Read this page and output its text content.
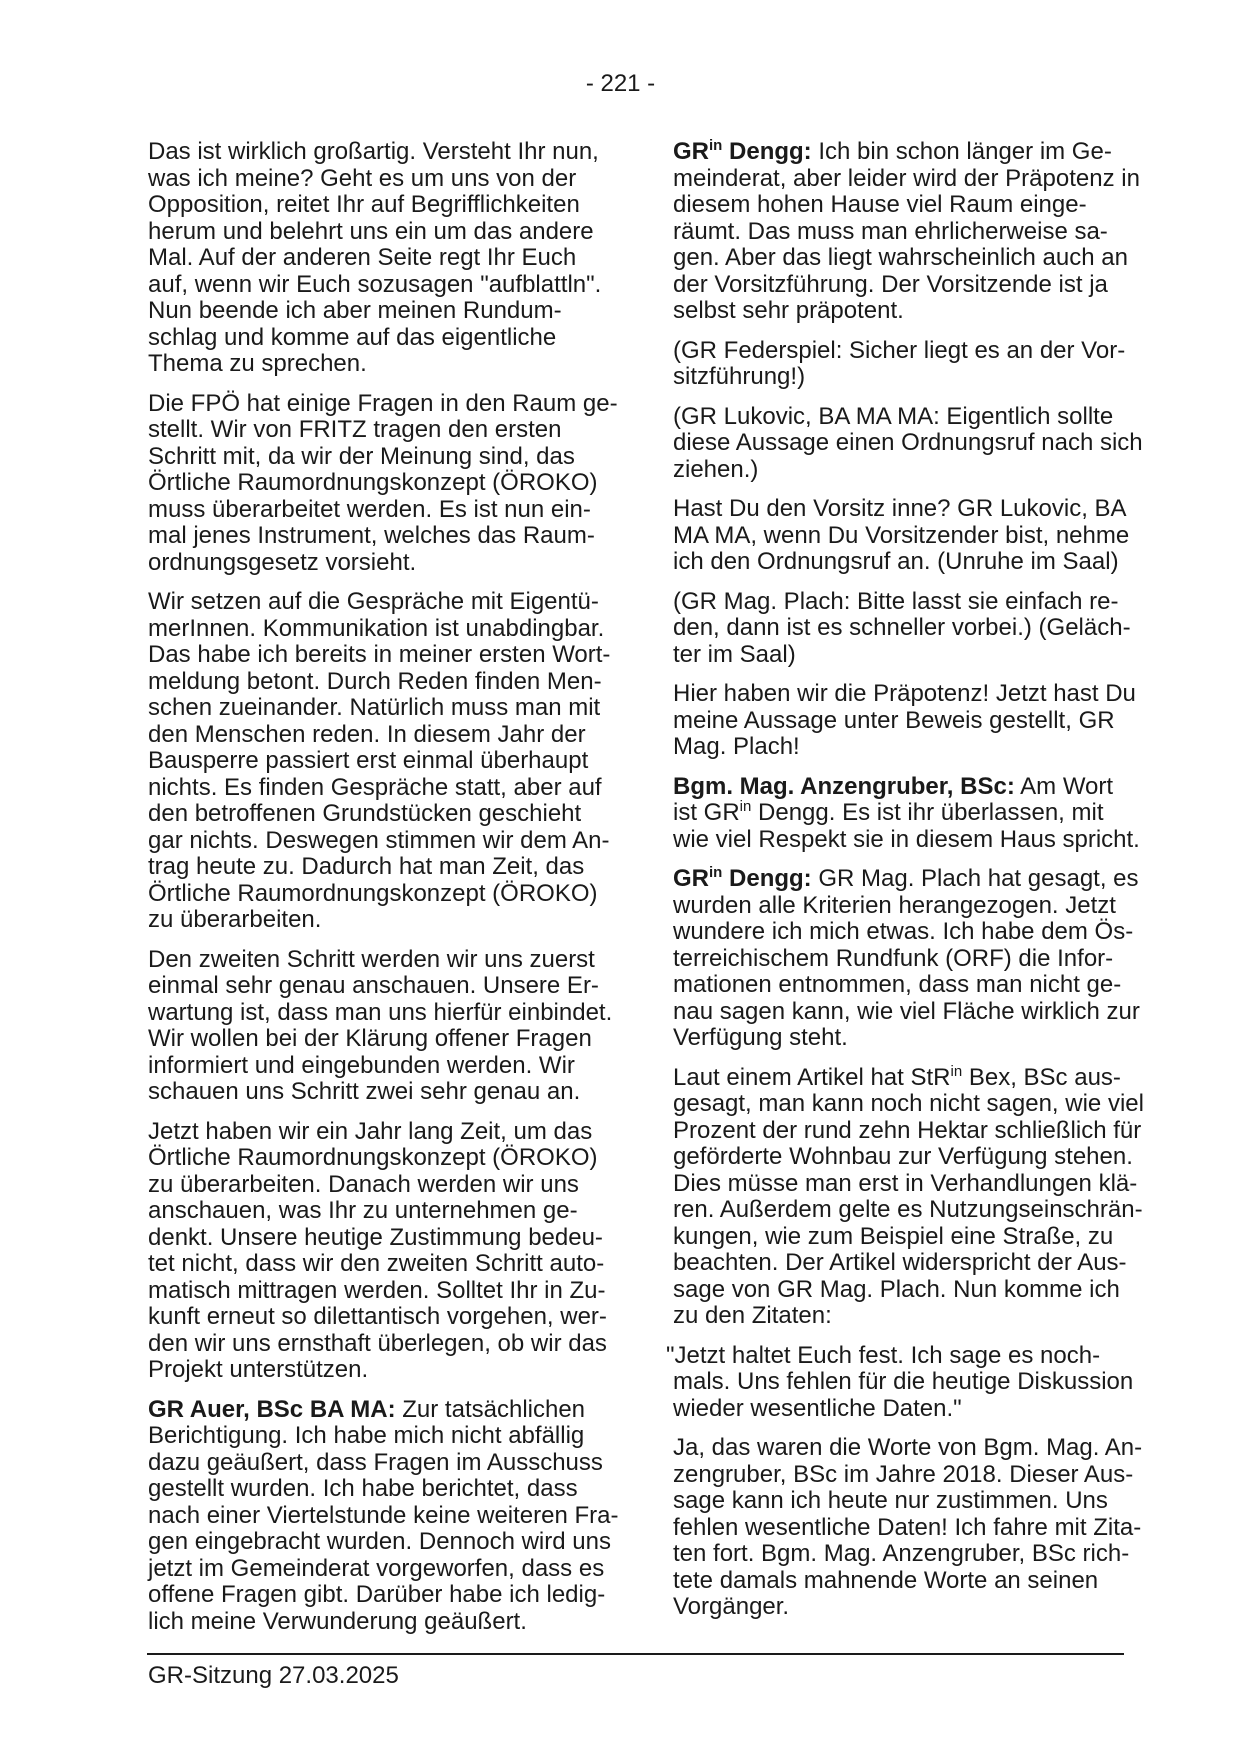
- 221 -

Das ist wirklich großartig. Versteht Ihr nun,
was ich meine? Geht es um uns von der
Opposition, reitet Ihr auf Begrifflichkeiten
herum und belehrt uns ein um das andere
Mal. Auf der anderen Seite regt Ihr Euch
auf, wenn wir Euch sozusagen "aufblattln".
Nun beende ich aber meinen Rundum-
schlag und komme auf das eigentliche
Thema zu sprechen.

Die FPÖ hat einige Fragen in den Raum ge-
stellt. Wir von FRITZ tragen den ersten
Schritt mit, da wir der Meinung sind, das
Örtliche Raumordnungskonzept (ÖROKO)
muss überarbeitet werden. Es ist nun ein-
mal jenes Instrument, welches das Raum-
ordnungsgesetz vorsieht.

Wir setzen auf die Gespräche mit Eigentü-
merInnen. Kommunikation ist unabdingbar.
Das habe ich bereits in meiner ersten Wort-
meldung betont. Durch Reden finden Men-
schen zueinander. Natürlich muss man mit
den Menschen reden. In diesem Jahr der
Bausperre passiert erst einmal überhaupt
nichts. Es finden Gespräche statt, aber auf
den betroffenen Grundstücken geschieht
gar nichts. Deswegen stimmen wir dem An-
trag heute zu. Dadurch hat man Zeit, das
Örtliche Raumordnungskonzept (ÖROKO)
zu überarbeiten.

Den zweiten Schritt werden wir uns zuerst
einmal sehr genau anschauen. Unsere Er-
wartung ist, dass man uns hierfür einbindet.
Wir wollen bei der Klärung offener Fragen
informiert und eingebunden werden. Wir
schauen uns Schritt zwei sehr genau an.

Jetzt haben wir ein Jahr lang Zeit, um das
Örtliche Raumordnungskonzept (ÖROKO)
zu überarbeiten. Danach werden wir uns
anschauen, was Ihr zu unternehmen ge-
denkt. Unsere heutige Zustimmung bedeu-
tet nicht, dass wir den zweiten Schritt auto-
matisch mittragen werden. Solltet Ihr in Zu-
kunft erneut so dilettantisch vorgehen, wer-
den wir uns ernsthaft überlegen, ob wir das
Projekt unterstützen.

GR Auer, BSc BA MA: Zur tatsächlichen
Berichtigung. Ich habe mich nicht abfällig
dazu geäußert, dass Fragen im Ausschuss
gestellt wurden. Ich habe berichtet, dass
nach einer Viertelstunde keine weiteren Fra-
gen eingebracht wurden. Dennoch wird uns
jetzt im Gemeinderat vorgeworfen, dass es
offene Fragen gibt. Darüber habe ich ledig-
lich meine Verwunderung geäußert.

$GR^{in}$ Dengg: Ich bin schon länger im Ge-
meinderat, aber leider wird der Präpotenz in
diesem hohen Hause viel Raum einge-
räumt. Das muss man ehrlicherweise sa-
gen. Aber das liegt wahrscheinlich auch an
der Vorsitzführung. Der Vorsitzende ist ja
selbst sehr präpotent.

(GR Federspiel: Sicher liegt es an der Vor-
sitzführung!)

(GR Lukovic, BA MA MA: Eigentlich sollte
diese Aussage einen Ordnungsruf nach sich
ziehen.)

Hast Du den Vorsitz inne? GR Lukovic, BA
MA MA, wenn Du Vorsitzender bist, nehme
ich den Ordnungsruf an. (Unruhe im Saal)

(GR Mag. Plach: Bitte lasst sie einfach re-
den, dann ist es schneller vorbei.) (Geläch-
ter im Saal)

Hier haben wir die Präpotenz! Jetzt hast Du
meine Aussage unter Beweis gestellt, GR
Mag. Plach!

Bgm. Mag. Anzengruber, BSc: Am Wort
ist $GR^{in}$ Dengg. Es ist ihr überlassen, mit
wie viel Respekt sie in diesem Haus spricht.

$GR^{in}$ Dengg: GR Mag. Plach hat gesagt, es
wurden alle Kriterien herangezogen. Jetzt
wundere ich mich etwas. Ich habe dem Ös-
terreichischem Rundfunk (ORF) die Infor-
mationen entnommen, dass man nicht ge-
nau sagen kann, wie viel Fläche wirklich zur
Verfügung steht.

Laut einem Artikel hat StR$^{in}$ Bex, BSc aus-
gesagt, man kann noch nicht sagen, wie viel
Prozent der rund zehn Hektar schließlich für
geförderte Wohnbau zur Verfügung stehen.
Dies müsse man erst in Verhandlungen klä-
ren. Außerdem gelte es Nutzungseinschrän-
kungen, wie zum Beispiel eine Straße, zu
beachten. Der Artikel widerspricht der Aus-
sage von GR Mag. Plach. Nun komme ich
zu den Zitaten:

"Jetzt haltet Euch fest. Ich sage es noch-
mals. Uns fehlen für die heutige Diskussion
wieder wesentliche Daten."

Ja, das waren die Worte von Bgm. Mag. An-
zengruber, BSc im Jahre 2018. Dieser Aus-
sage kann ich heute nur zustimmen. Uns
fehlen wesentliche Daten! Ich fahre mit Zita-
ten fort. Bgm. Mag. Anzengruber, BSc rich-
tete damals mahnende Worte an seinen
Vorgänger.

GR-Sitzung 27.03.2025
